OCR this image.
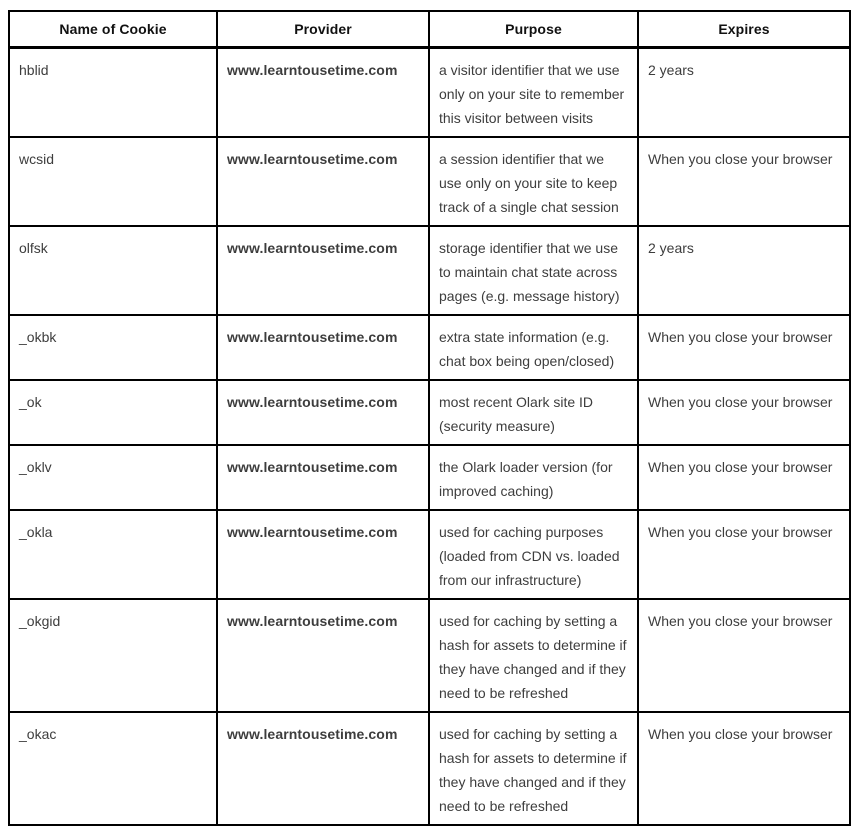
Name of Cookie	Provider	Purpose	Expires
hblid	www.learntousetime.com	a visitor identifier that we use only on your site to remember this visitor between visits	2 years
wcsid	www.learntousetime.com	a session identifier that we use only on your site to keep track of a single chat session	When you close your browser
olfsk	www.learntousetime.com	storage identifier that we use to maintain chat state across pages (e.g. message history)	2 years
_okbk	www.learntousetime.com	extra state information (e.g. chat box being open/closed)	When you close your browser
_ok	www.learntousetime.com	most recent Olark site ID (security measure)	When you close your browser
_oklv	www.learntousetime.com	the Olark loader version (for improved caching)	When you close your browser
_okla	www.learntousetime.com	used for caching purposes (loaded from CDN vs. loaded from our infrastructure)	When you close your browser
_okgid	www.learntousetime.com	used for caching by setting a hash for assets to determine if they have changed and if they need to be refreshed	When you close your browser
_okac	www.learntousetime.com	used for caching by setting a hash for assets to determine if they have changed and if they need to be refreshed	When you close your browser
